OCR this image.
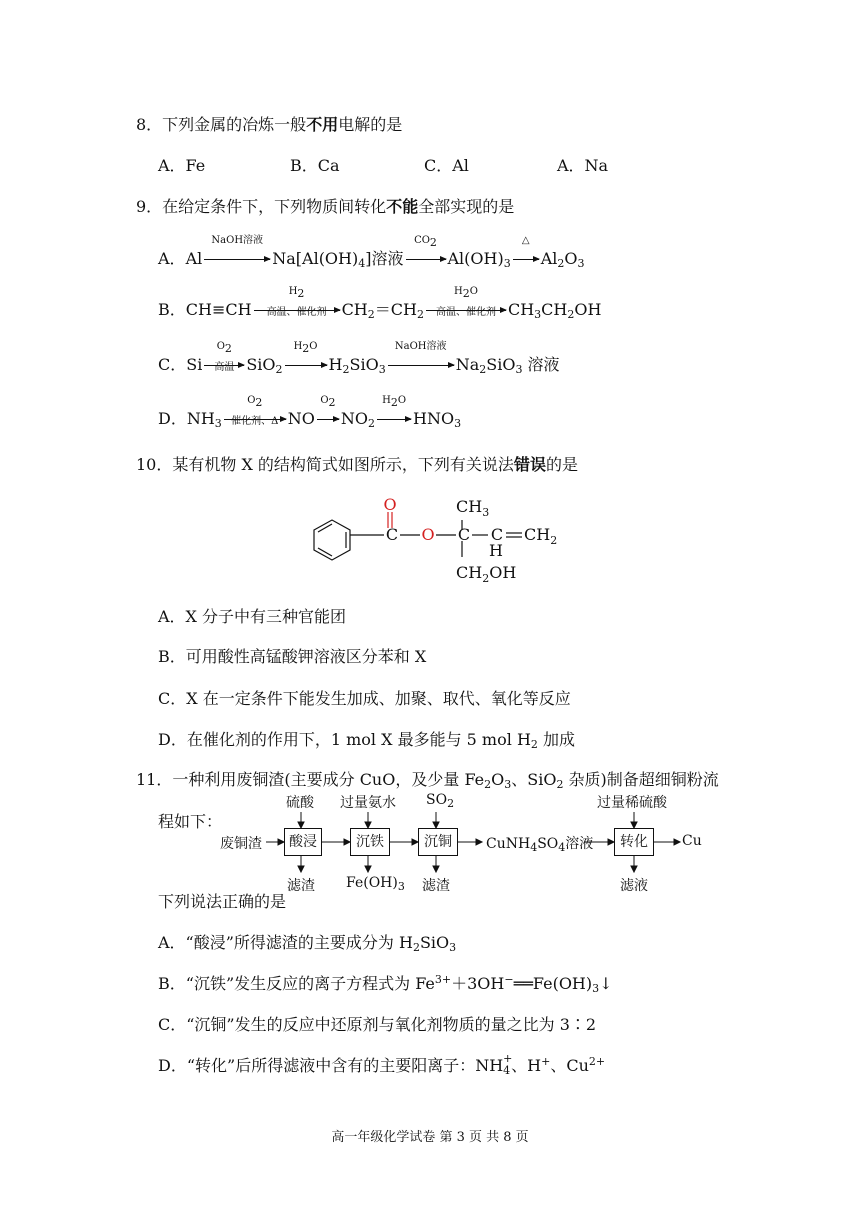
8．下列金属的冶炼一般不用电解的是
A．Fe	B．Ca	C．Al	A．Na
9．在给定条件下，下列物质间转化不能全部实现的是
A．Al
NaOH溶液
$Na[Al(OH)_4]$溶液
$CO_2$
$Al(OH)_3$
△
$Al_2O_3$
B．CH≡CH
$H_2$
高温、催化剂 $CH_2=CH_2$
$H_2O$
高温、催化剂 $CH_3CH_2OH$
C．Si
$O_2$
高温 SiO$_2$
$H_2O$
$H_2SiO_3$
NaOH溶液
$Na_2SiO_3$ 溶液
D．$NH_3$
$O_2$
催化剂、Δ NO
$O_2$
$NO_2$
$H_2O$
$HNO_3$
10．某有机物 X 的结构简式如图所示，下列有关说法错误的是
O
C O C C
H
$CH_3$
$CH_2$
$CH_2OH$
A．X 分子中有三种官能团
B．可用酸性高锰酸钾溶液区分苯和 X
C．X 在一定条件下能发生加成、加聚、取代、氧化等反应
D．在催化剂的作用下，1 mol X 最多能与 5 mol $H_2$ 加成
11．一种利用废铜渣(主要成分 CuO，及少量 $Fe_2O_3$、SiO$_2$ 杂质)制备超细铜粉流
程如下：
酸浸	沉铁	沉铜	转化
废铜渣
硫酸 过量氨水 $SO_2$	过量稀硫酸
滤渣 $Fe(OH)_3$ 滤渣	滤液
$CuNH_4SO_4$溶液	Cu
下列说法正确的是
A．“酸浸”所得滤渣的主要成分为 $H_2SiO_3$
B．“沉铁”发生反应的离子方程式为 $Fe^{3+}+3OH^-══Fe(OH)_3↓$
C．“沉铜”发生的反应中还原剂与氧化剂物质的量之比为 3∶2
D．“转化”后所得滤液中含有的主要阳离子：NH +
4 、H+、$Cu^{2+}$
高一年级化学试卷 第 3 页 共 8 页
